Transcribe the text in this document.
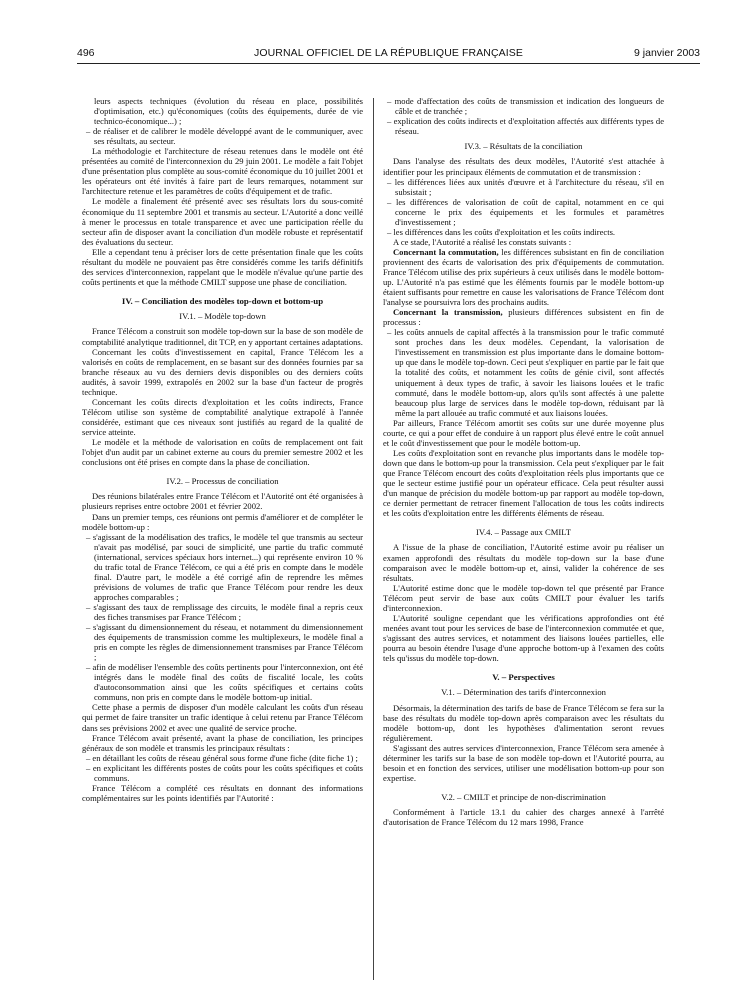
496	JOURNAL OFFICIEL DE LA RÉPUBLIQUE FRANÇAISE	9 janvier 2003

leurs aspects techniques (évolution du réseau en place, possibilités d'optimisation, etc.) qu'économiques (coûts des équipements, durée de vie technico-économique...) ;

– de réaliser et de calibrer le modèle développé avant de le communiquer, avec ses résultats, au secteur.

La méthodologie et l'architecture de réseau retenues dans le modèle ont été présentées au comité de l'interconnexion du 29 juin 2001. Le modèle a fait l'objet d'une présentation plus complète au sous-comité économique du 10 juillet 2001 et les opérateurs ont été invités à faire part de leurs remarques, notamment sur l'architecture retenue et les paramètres de coûts d'équipement et de trafic.

Le modèle a finalement été présenté avec ses résultats lors du sous-comité économique du 11 septembre 2001 et transmis au secteur. L'Autorité a donc veillé à mener le processus en totale transparence et avec une participation réelle du secteur afin de disposer avant la conciliation d'un modèle robuste et représentatif des évaluations du secteur.

Elle a cependant tenu à préciser lors de cette présentation finale que les coûts résultant du modèle ne pouvaient pas être considérés comme les tarifs définitifs des services d'interconnexion, rappelant que le modèle n'évalue qu'une partie des coûts pertinents et que la méthode CMILT suppose une phase de conciliation.

IV. – Conciliation des modèles top-down et bottom-up
IV.1. – Modèle top-down

France Télécom a construit son modèle top-down sur la base de son modèle de comptabilité analytique traditionnel, dit TCP, en y apportant certaines adaptations.

Concernant les coûts d'investissement en capital, France Télécom les a valorisés en coûts de remplacement, en se basant sur des données fournies par sa branche réseaux au vu des derniers devis disponibles ou des derniers coûts audités, à savoir 1999, extrapolés en 2002 sur la base d'un facteur de progrès technique.

Concernant les coûts directs d'exploitation et les coûts indirects, France Télécom utilise son système de comptabilité analytique extrapolé à l'année considérée, estimant que ces niveaux sont justifiés au regard de la qualité de service atteinte.

Le modèle et la méthode de valorisation en coûts de remplacement ont fait l'objet d'un audit par un cabinet externe au cours du premier semestre 2002 et les conclusions ont été prises en compte dans la phase de conciliation.

IV.2. – Processus de conciliation

Des réunions bilatérales entre France Télécom et l'Autorité ont été organisées à plusieurs reprises entre octobre 2001 et février 2002.

Dans un premier temps, ces réunions ont permis d'améliorer et de compléter le modèle bottom-up :

– s'agissant de la modélisation des trafics, le modèle tel que transmis au secteur n'avait pas modélisé, par souci de simplicité, une partie du trafic commuté (international, services spéciaux hors internet...) qui représente environ 10 % du trafic total de France Télécom, ce qui a été pris en compte dans le modèle final. D'autre part, le modèle a été corrigé afin de reprendre les mêmes prévisions de volumes de trafic que France Télécom pour rendre les deux approches comparables ;

– s'agissant des taux de remplissage des circuits, le modèle final a repris ceux des fiches transmises par France Télécom ;

– s'agissant du dimensionnement du réseau, et notamment du dimensionnement des équipements de transmission comme les multiplexeurs, le modèle final a pris en compte les règles de dimensionnement transmises par France Télécom ;

– afin de modéliser l'ensemble des coûts pertinents pour l'interconnexion, ont été intégrés dans le modèle final des coûts de fiscalité locale, les coûts d'autoconsommation ainsi que les coûts spécifiques et certains coûts communs, non pris en compte dans le modèle bottom-up initial.

Cette phase a permis de disposer d'un modèle calculant les coûts d'un réseau qui permet de faire transiter un trafic identique à celui retenu par France Télécom dans ses prévisions 2002 et avec une qualité de service proche.

France Télécom avait présenté, avant la phase de conciliation, les principes généraux de son modèle et transmis les principaux résultats :

– en détaillant les coûts de réseau général sous forme d'une fiche (dite fiche 1) ;

– en explicitant les différents postes de coûts pour les coûts spécifiques et coûts communs.

France Télécom a complété ces résultats en donnant des informations complémentaires sur les points identifiés par l'Autorité :

– mode d'affectation des coûts de transmission et indication des longueurs de câble et de tranchée ;

– explication des coûts indirects et d'exploitation affectés aux différents types de réseau.

IV.3. – Résultats de la conciliation

Dans l'analyse des résultats des deux modèles, l'Autorité s'est attachée à identifier pour les principaux éléments de commutation et de transmission :

– les différences liées aux unités d'œuvre et à l'architecture du réseau, s'il en subsistait ;

– les différences de valorisation de coût de capital, notamment en ce qui concerne le prix des équipements et les formules et paramètres d'investissement ;

– les différences dans les coûts d'exploitation et les coûts indirects.

A ce stade, l'Autorité a réalisé les constats suivants :

Concernant la commutation, les différences subsistant en fin de conciliation proviennent des écarts de valorisation des prix d'équipements de commutation. France Télécom utilise des prix supérieurs à ceux utilisés dans le modèle bottom-up. L'Autorité n'a pas estimé que les éléments fournis par le modèle bottom-up étaient suffisants pour remettre en cause les valorisations de France Télécom dont l'analyse se poursuivra lors des prochains audits.

Concernant la transmission, plusieurs différences subsistent en fin de processus :

– les coûts annuels de capital affectés à la transmission pour le trafic commuté sont proches dans les deux modèles. Cependant, la valorisation de l'investissement en transmission est plus importante dans le domaine bottom-up que dans le modèle top-down. Ceci peut s'expliquer en partie par le fait que la totalité des coûts, et notamment les coûts de génie civil, sont affectés uniquement à deux types de trafic, à savoir les liaisons louées et le trafic commuté, dans le modèle bottom-up, alors qu'ils sont affectés à une palette beaucoup plus large de services dans le modèle top-down, réduisant par là même la part allouée au trafic commuté et aux liaisons louées.

Par ailleurs, France Télécom amortit ses coûts sur une durée moyenne plus courte, ce qui a pour effet de conduire à un rapport plus élevé entre le coût annuel et le coût d'investissement que pour le modèle bottom-up.

Les coûts d'exploitation sont en revanche plus importants dans le modèle top-down que dans le bottom-up pour la transmission. Cela peut s'expliquer par le fait que France Télécom encourt des coûts d'exploitation réels plus importants que ce que le secteur estime justifié pour un opérateur efficace. Cela peut résulter aussi d'un manque de précision du modèle bottom-up par rapport au modèle top-down, ce dernier permettant de retracer finement l'allocation de tous les coûts indirects et les coûts d'exploitation entre les différents éléments de réseau.

IV.4. – Passage aux CMILT

A l'issue de la phase de conciliation, l'Autorité estime avoir pu réaliser un examen approfondi des résultats du modèle top-down sur la base d'une comparaison avec le modèle bottom-up et, ainsi, valider la cohérence de ses résultats.

L'Autorité estime donc que le modèle top-down tel que présenté par France Télécom peut servir de base aux coûts CMILT pour évaluer les tarifs d'interconnexion.

L'Autorité souligne cependant que les vérifications approfondies ont été menées avant tout pour les services de base de l'interconnexion commutée et que, s'agissant des autres services, et notamment des liaisons louées partielles, elle pourra au besoin étendre l'usage d'une approche bottom-up à l'examen des coûts tels qu'issus du modèle top-down.

V. – Perspectives
V.1. – Détermination des tarifs d'interconnexion

Désormais, la détermination des tarifs de base de France Télécom se fera sur la base des résultats du modèle top-down après comparaison avec les résultats du modèle bottom-up, dont les hypothèses d'alimentation seront revues régulièrement.

S'agissant des autres services d'interconnexion, France Télécom sera amenée à déterminer les tarifs sur la base de son modèle top-down et l'Autorité pourra, au besoin et en fonction des services, utiliser une modélisation bottom-up pour son expertise.

V.2. – CMILT et principe de non-discrimination

Conformément à l'article 13.1 du cahier des charges annexé à l'arrêté d'autorisation de France Télécom du 12 mars 1998, France
